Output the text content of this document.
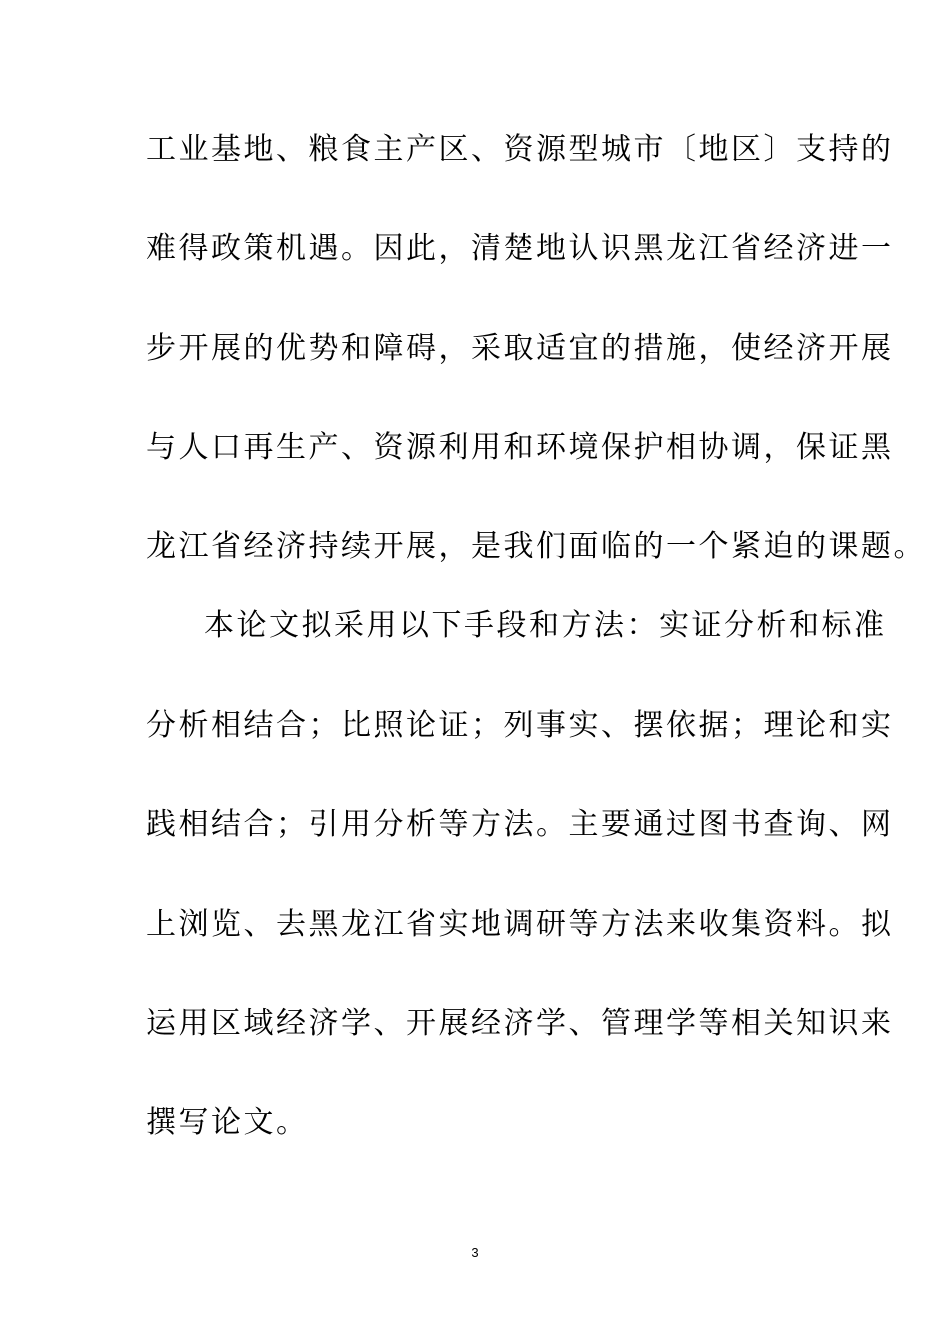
工业基地、粮食主产区、资源型城市〔地区〕支持的
难得政策机遇。因此，清楚地认识黑龙江省经济进一
步开展的优势和障碍，采取适宜的措施，使经济开展
与人口再生产、资源利用和环境保护相协调，保证黑
龙江省经济持续开展，是我们面临的一个紧迫的课题。
本论文拟采用以下手段和方法：实证分析和标准
分析相结合；比照论证；列事实、摆依据；理论和实
践相结合；引用分析等方法。主要通过图书查询、网
上浏览、去黑龙江省实地调研等方法来收集资料。拟
运用区域经济学、开展经济学、管理学等相关知识来
撰写论文。
3
